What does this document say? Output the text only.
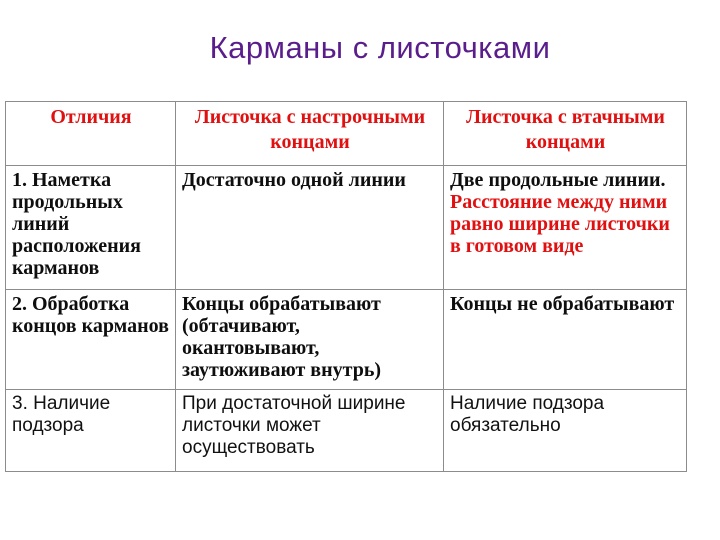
Карманы с листочками
Отличия	Листочка с настрочными концами	Листочка с втачными концами
1. Наметка продольных линий расположения карманов	Достаточно одной линии	Две продольные линии. Расстояние между ними равно ширине листочки в готовом виде
2. Обработка концов карманов	Концы обрабатывают (обтачивают, окантовывают, заутюживают внутрь)	Концы не обрабатывают
3. Наличие подзора	При достаточной ширине листочки может осуществовать	Наличие подзора обязательно
